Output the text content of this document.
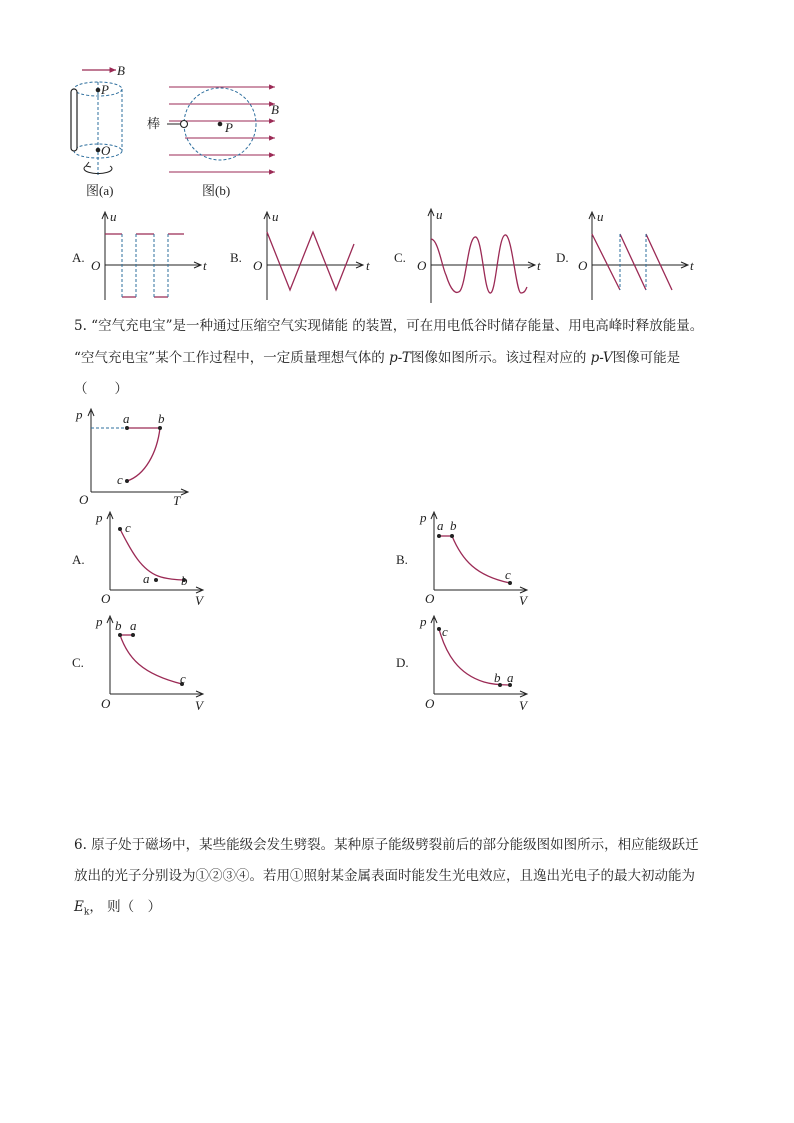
B
P
O
图(a)
B
棒	P
图(b)
A.
u
O	t
B.
u
O	t
C.
u
O	t
D.
u
O	t
5. “空气充电宝”是一种通过压缩空气实现储能 的装置，可在用电低谷时储存能量、用电高峰时释放能量。
“空气充电宝”某个工作过程中，一定质量理想气体的 p-T图像如图所示。该过程对应的 p-V图像可能是
（　　）
p
O	T
a b
c
A.
p
O	V
c
a b
B.
p
O	V
a b
c
C.
p
O	V
b a
c
D.
p
O	V
c
b a
6. 原子处于磁场中，某些能级会发生劈裂。某种原子能级劈裂前后的部分能级图如图所示，相应能级跃迁
放出的光子分别设为①②③④。若用①照射某金属表面时能发生光电效应，且逸出光电子的最大初动能为
$E_k$， 则（　）
